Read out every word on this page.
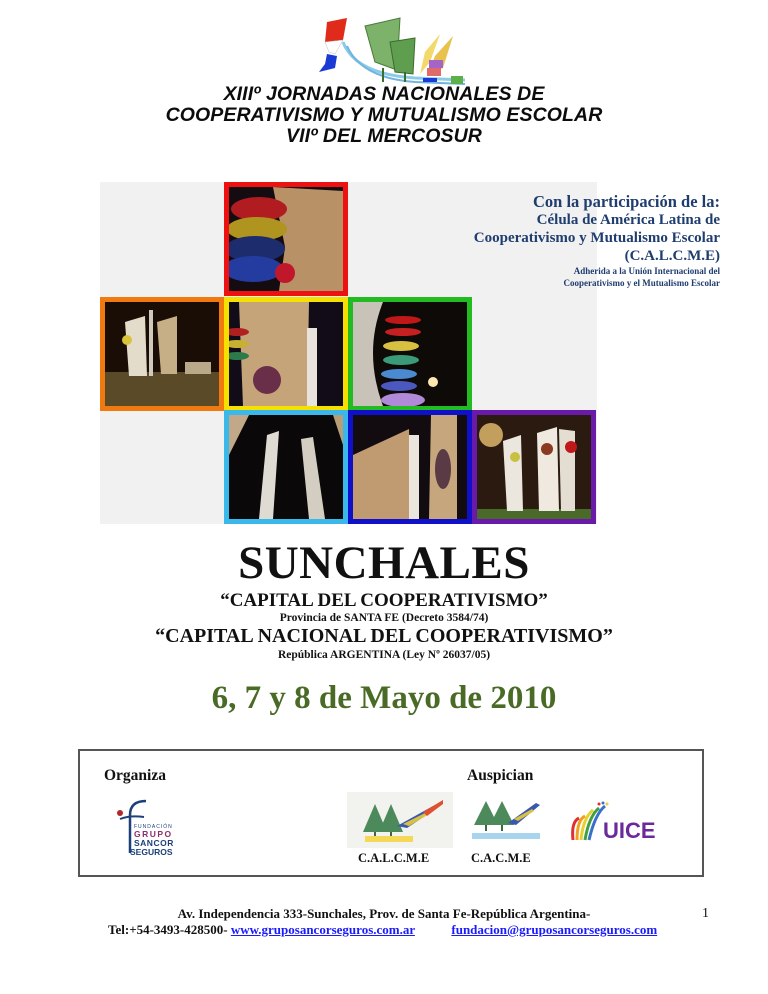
XIIIº JORNADAS NACIONALES DE
COOPERATIVISMO Y MUTUALISMO ESCOLAR
VIIº DEL MERCOSUR
Con la participación de la:
Célula de América Latina de
Cooperativismo y Mutualismo Escolar
(C.A.L.C.M.E)
Adherida a la Unión Internacional del
Cooperativismo y el Mutualismo Escolar
SUNCHALES
“CAPITAL DEL COOPERATIVISMO”
Provincia de SANTA FE (Decreto 3584/74)
“CAPITAL NACIONAL DEL COOPERATIVISMO”
República ARGENTINA (Ley Nº 26037/05)
6, 7 y 8 de Mayo de 2010
Organiza	Auspician
FUNDACIÓN
GRUPO
SANCOR
SEGUROS	C.A.L.C.M.E	C.A.C.M.E
UICE
Av. Independencia 333-Sunchales, Prov. de Santa Fe-República Argentina-	1
Tel:+54-3493-428500- www.gruposancorseguros.com.ar	fundacion@gruposancorseguros.com
